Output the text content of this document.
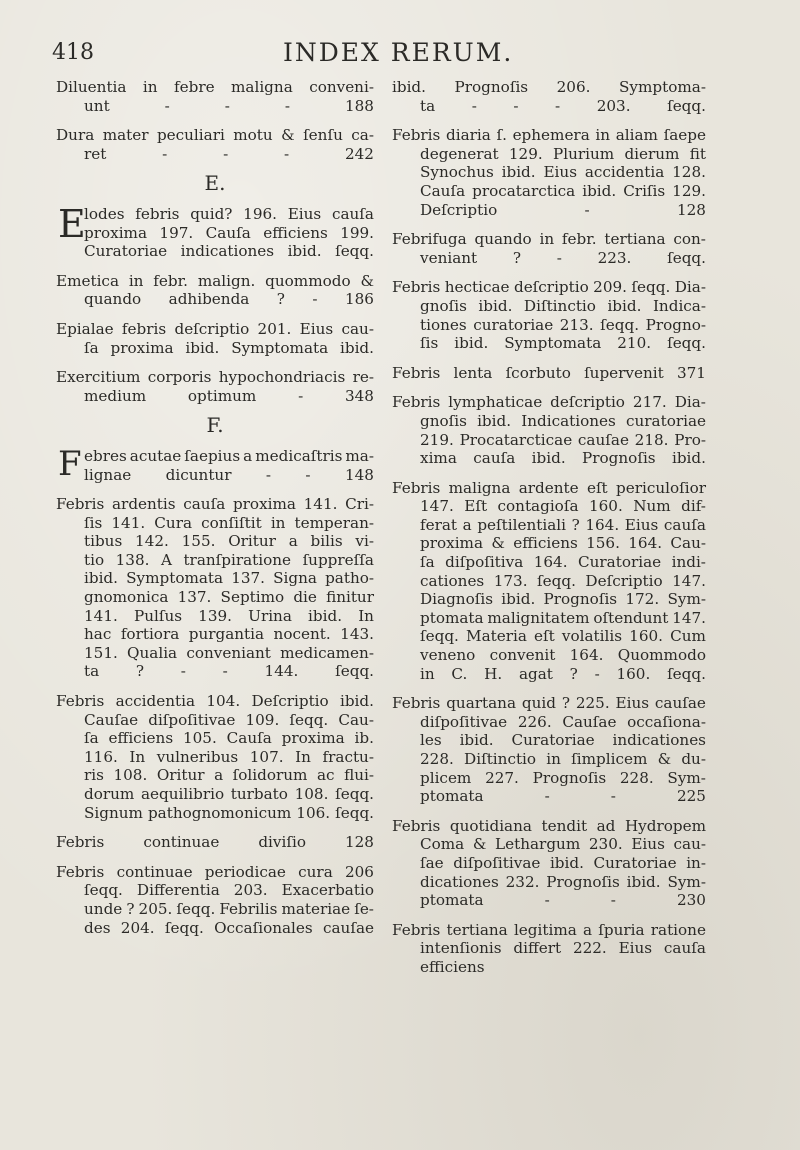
418	INDEX RERUM.
Diluentia in febre maligna conveni-
unt	-	-	-	188
Dura mater peculiari motu & ſenſu ca-
ret	-	-	-	242
E.
E
lodes febris quid? 196. Eius cauſa
proxima 197. Cauſa efficiens 199.
Curatoriae indicationes ibid. ſeqq.
Emetica in febr. malign. quommodo &
quando adhibenda ? - 186
Epialae febris deſcriptio 201. Eius cau-
ſa proxima ibid. Symptomata ibid.
Exercitium corporis hypochondriacis re-
medium	optimum	-	348
F.
F ebres acutae ſaepius a medicaſtris ma-
lignae dicuntur - - 148
Febris ardentis cauſa proxima 141. Cri-
ſis 141. Cura conſiſtit in temperan-
tibus 142. 155. Oritur a bilis vi-
tio 138. A tranſpiratione ſuppreſſa
ibid. Symptomata 137. Signa patho-
gnomonica 137. Septimo die finitur
141. Pulſus 139. Urina ibid. In
hac fortiora purgantia nocent. 143.
151. Qualia conveniant medicamen-
ta ? - - 144. ſeqq.
Febris accidentia 104. Deſcriptio ibid.
Cauſae diſpoſitivae 109. ſeqq. Cau-
ſa efficiens 105. Cauſa proxima ib.
116. In vulneribus 107. In fractu-
ris 108. Oritur a ſolidorum ac flui-
dorum aequilibrio turbato 108. ſeqq.
Signum pathognomonicum 106. ſeqq.
Febris	continuae	diviſio	128
Febris continuae periodicae cura 206
ſeqq. Differentia 203. Exacerbatio
unde ? 205. ſeqq. Febrilis materiae ſe-
des 204. ſeqq. Occaſionales cauſae
ibid. Prognoſis 206. Symptoma-
ta - - - 203. ſeqq.
Febris diaria ſ. ephemera in aliam ſaepe
degenerat 129. Plurium dierum fit
Synochus ibid. Eius accidentia 128.
Cauſa procatarctica ibid. Criſis 129.
Deſcriptio	-	128
Febrifuga quando in febr. tertiana con-
veniant ? - 223. ſeqq.
Febris hecticae deſcriptio 209. ſeqq. Dia-
gnoſis ibid. Diſtinctio ibid. Indica-
tiones curatoriae 213. ſeqq. Progno-
ſis ibid. Symptomata 210. ſeqq.
Febris lenta ſcorbuto ſupervenit 371
Febris lymphaticae deſcriptio 217. Dia-
gnoſis ibid. Indicationes curatoriae
219. Procatarcticae cauſae 218. Pro-
xima cauſa ibid. Prognoſis ibid.
Febris maligna ardente eſt periculoſior
147. Eſt contagioſa 160. Num dif-
ferat a peſtilentiali ? 164. Eius cauſa
proxima & efficiens 156. 164. Cau-
ſa diſpoſitiva 164. Curatoriae indi-
cationes 173. ſeqq. Deſcriptio 147.
Diagnoſis ibid. Prognoſis 172. Sym-
ptomata malignitatem oſtendunt 147.
ſeqq. Materia eſt volatilis 160. Cum
veneno convenit 164. Quommodo
in C. H. agat ? - 160. ſeqq.
Febris quartana quid ? 225. Eius cauſae
diſpoſitivae 226. Cauſae occaſiona-
les ibid. Curatoriae indicationes
228. Diſtinctio in ſimplicem & du-
plicem 227. Prognoſis 228. Sym-
ptomata	-	-	225
Febris quotidiana tendit ad Hydropem
Coma & Lethargum 230. Eius cau-
ſae diſpoſitivae ibid. Curatoriae in-
dicationes 232. Prognoſis ibid. Sym-
ptomata	-	-	230
Febris tertiana legitima a ſpuria ratione
intenſionis differt 222. Eius cauſa
efficiens
